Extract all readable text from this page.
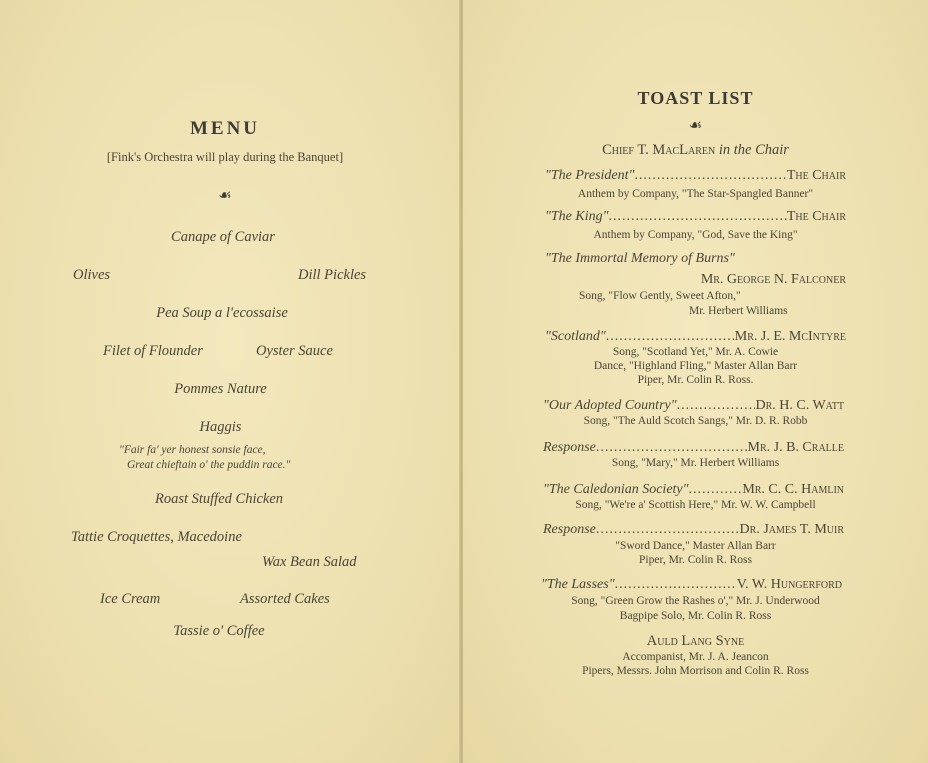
MENU
[Fink's Orchestra will play during the Banquet]
☙
Canape of Caviar
Olives	Dill Pickles
Pea Soup a l'ecossaise
Filet of Flounder	Oyster Sauce
Pommes Nature
Haggis
"Fair fa' yer honest sonsie face,
Great chieftain o' the puddin race."
Roast Stuffed Chicken
Tattie Croquettes, Macedoine
Wax Bean Salad
Ice Cream	Assorted Cakes
Tassie o' Coffee
TOAST LIST
☙
Chief T. MacLaren in the Chair
"The President" .....	The Chair
Anthem by Company, "The Star-Spangled Banner"
"The King" .....	The Chair
Anthem by Company, "God, Save the King"
"The Immortal Memory of Burns"
Mr. George N. Falconer
Song, "Flow Gently, Sweet Afton,"
Mr. Herbert Williams
"Scotland" .....	Mr. J. E. McIntyre
Song, "Scotland Yet," Mr. A. Cowie
Dance, "Highland Fling," Master Allan Barr
Piper, Mr. Colin R. Ross.
"Our Adopted Country" .....	Dr. H. C. Watt
Song, "The Auld Scotch Sangs," Mr. D. R. Robb
Response .....	Mr. J. B. Cralle
Song, "Mary," Mr. Herbert Williams
"The Caledonian Society" .....	Mr. C. C. Hamlin
Song, "We're a' Scottish Here," Mr. W. W. Campbell
Response .....	Dr. James T. Muir
"Sword Dance," Master Allan Barr
Piper, Mr. Colin R. Ross
"The Lasses" .....	V. W. Hungerford
Song, "Green Grow the Rashes o'," Mr. J. Underwood
Bagpipe Solo, Mr. Colin R. Ross
Auld Lang Syne
Accompanist, Mr. J. A. Jeancon
Pipers, Messrs. John Morrison and Colin R. Ross
